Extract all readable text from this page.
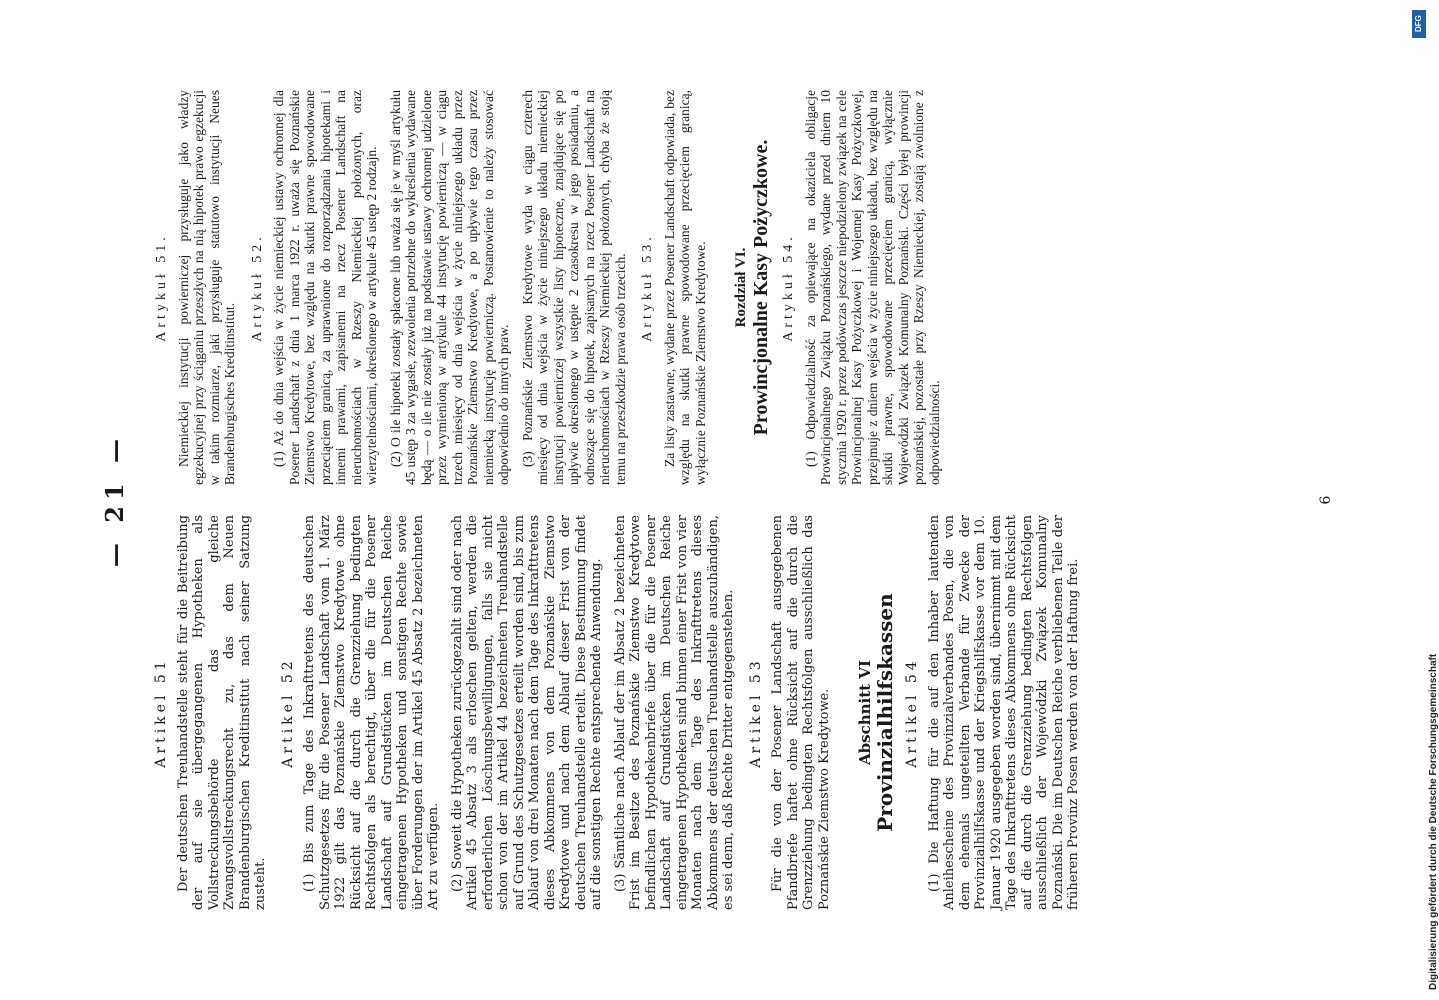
— 21 —
Artikel 51 Der deutschen Treuhandstelle steht für die Beitreibung der auf sie übergegangenen Hypotheken als Vollstreckungsbehörde das gleiche Zwangsvollstreckungsrecht zu, das dem Neuen Brandenburgischen Kreditinstitut nach seiner Satzung zusteht.

Artikel 52 (1) Bis zum Tage des Inkrafttretens des deutschen Schutzgesetzes für die Posener Landschaft vom 1. März 1922 gilt das Poznańskie Ziemstwo Kredytowe ohne Rücksicht auf die durch die Grenzziehung bedingten Rechtsfolgen als berechtigt, über die für die Posener Landschaft auf Grundstücken im Deutschen Reiche eingetragenen Hypotheken und sonstigen Rechte sowie über Forderungen der im Artikel 45 Absatz 2 bezeichneten Art zu verfügen. (2) Soweit die Hypotheken zurückgezahlt sind oder nach Artikel 45 Absatz 3 als erloschen gelten, werden die erforderlichen Löschungsbewilligungen, falls sie nicht schon von der im Artikel 44 bezeichneten Treuhandstelle auf Grund des Schutzgesetzes erteilt worden sind, bis zum Ablauf von drei Monaten nach dem Tage des Inkrafttretens dieses Abkommens von dem Poznańskie Ziemstwo Kredytowe und nach dem Ablauf dieser Frist von der deutschen Treuhandstelle erteilt. Diese Bestimmung findet auf die sonstigen Rechte entsprechende Anwendung. (3) Sämtliche nach Ablauf der im Absatz 2 bezeichneten Frist im Besitze des Poznańskie Ziemstwo Kredytowe befindlichen Hypothekenbriefe über die für die Posener Landschaft auf Grundstücken im Deutschen Reiche eingetragenen Hypotheken sind binnen einer Frist von vier Monaten nach dem Tage des Inkrafttretens dieses Abkommens der deutschen Treuhandstelle auszuhändigen, es sei denn, daß Rechte Dritter entgegenstehen. Artikel 53 Für die von der Posener Landschaft ausgegebenen Pfandbriefe haftet ohne Rücksicht auf die durch die Grenzziehung bedingten Rechtsfolgen ausschließlich das Poznańskie Ziemstwo Kredytowe. Abschnitt VI
Provinzialhilfskassen Artikel 54 (1) Die Haftung für die auf den Inhaber lautenden Anleihescheine des Provinzialverbandes Posen, die von dem ehemals ungeteilten Verbande für Zwecke der Provinzialhilfskasse und der Kriegshilfskasse vor dem 10. Januar 1920 ausgegeben worden sind, übernimmt mit dem Tage des Inkrafttretens dieses Abkommens ohne Rücksicht auf die durch die Grenzziehung bedingten Rechtsfolgen ausschließlich der Wojewódzki Związek Komunalny Poznański. Die im Deutschen Reiche verbliebenen Teile der früheren Provinz Posen werden von der Haftung frei.

Artykuł 51. Niemieckiej instytucji powierniczej przysługuje jako władzy egzekucyjnej przy ściąganiu przeszłych na nią hipotek prawo egzekucji w takim rozmiarze, jaki przysługuje statutowo instytucji Neues Brandenburgisches Kreditinstitut.

Artykuł 52. (1) Aż do dnia wejścia w życie niemieckiej ustawy ochronnej dla Posener Landschaft z dnia 1 marca 1922 r. uważa się Poznańskie Ziemstwo Kredytowe, bez względu na skutki prawne spowodowane przeciąciem granicą, za uprawnione do rozporządzania hipotekami i innemi prawami, zapisanemi na rzecz Posener Landschaft na nieruchomościach w Rzeszy Niemieckiej położonych, oraz wierzytelnościami, określonego w artykule 45 ustęp 2 rodzajn. (2) O ile hipoteki zostały spłacone lub uważa się je w myśl artykułu 45 ustęp 3 za wygasłe, zezwolenia potrzebne do wykreślenia wydawane będą — o ile nie zostały już na podstawie ustawy ochronnej udzielone przez wymienioną w artykule 44 instytucję powierniczą — w ciągu trzech miesięcy od dnia wejścia w życie niniejszego układu przez Poznańskie Ziemstwo Kredytowe, a po upływie tego czasu przez niemiecką instytucję powierniczą. Postanowienie to należy stosować odpowiednio do innych praw. (3) Poznańskie Ziemstwo Kredytowe wyda w ciągu czterech miesięcy od dnia wejścia w życie niniejszego układu niemieckiej instytucji powierniczej wszystkie listy hipoteczne, znajdujące się po upływie określonego w ustępie 2 czasokresu w jego posiadaniu, a odnoszące się do hipotek, zapisanych na rzecz Posener Landschaft na nieruchomościach w Rzeszy Niemieckiej położonych, chyba że stoją temu na przeszkodzie prawa osób trzecich. Artykuł 53. Za listy zastawne, wydane przez Posener Landschaft odpowiada, bez względu na skutki prawne spowodowane przecięciem granicą, wyłącznie Poznańskie Ziemstwo Kredytowe. Rozdział VI. Prowincjonalne Kasy Pożyczkowe. Artykuł 54. (1) Odpowiedzialność za opiewające na okaziciela obligacje Prowincjonalnego Związku Poznańskiego, wydane przed dniem 10 stycznia 1920 r. przez podówczas jeszcze niepodzielony związek na cele Prowincjonalnej Kasy Pożyczkowej i Wojennej Kasy Pożyczkowej, przejmuje z dniem wejścia w życie niniejszego układu, bez względu na skutki prawne, spowodowane przecięciem granicą, wyłącznie Wojewódzki Związek Komunalny Poznański. Części byłej prowincji poznańskiej, pozostałe przy Rzeszy Niemieckiej, zostają zwolnione z odpowiedzialności.

6
DFG
Digitalisierung gefördert durch die Deutsche Forschungsgemeinschaft
